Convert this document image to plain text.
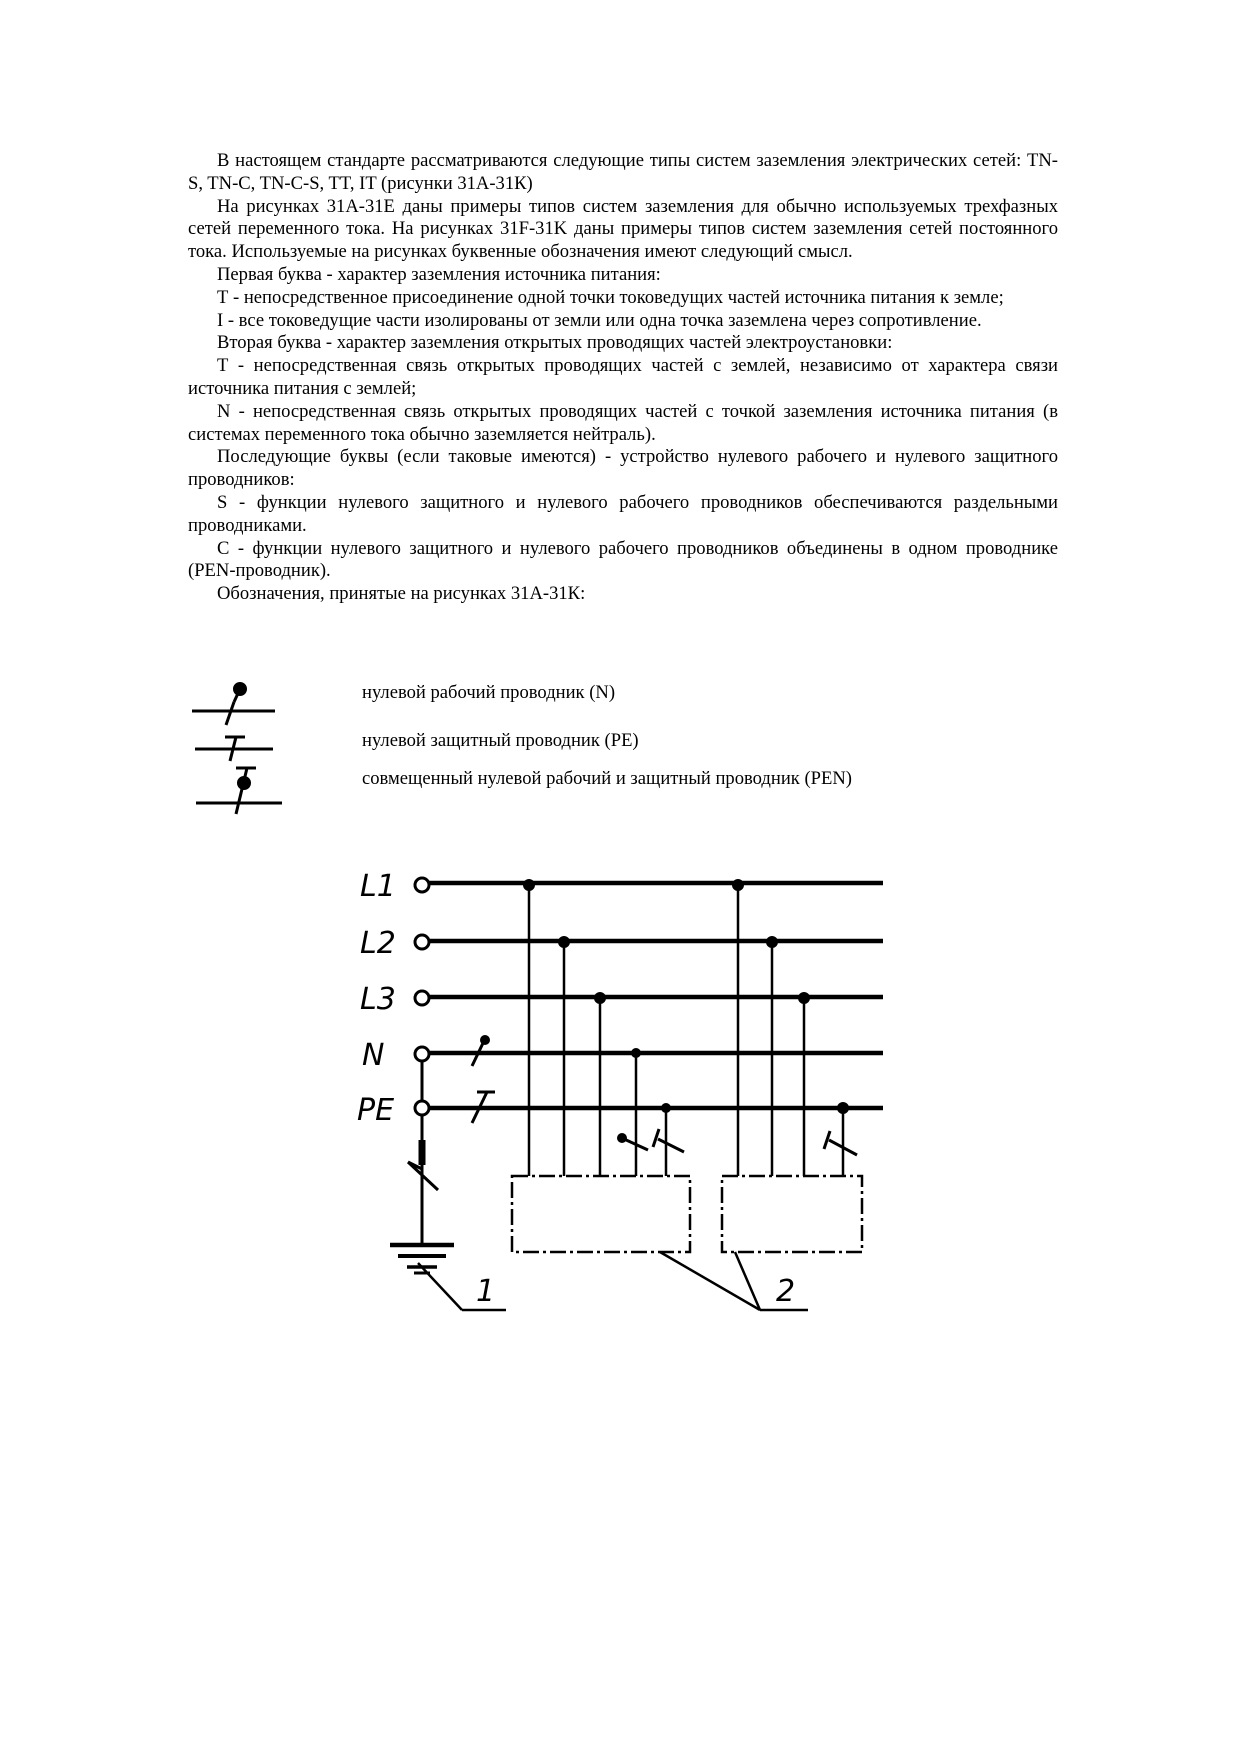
В настоящем стандарте рассматриваются следующие типы систем заземления электрических сетей: TN-S, TN-C, TN-C-S, TT, IT (рисунки 31А-31К)

На рисунках 31А-31Е даны примеры типов систем заземления для обычно используемых трехфазных сетей переменного тока. На рисунках 31F-31K даны примеры типов систем заземления сетей постоянного тока. Используемые на рисунках буквенные обозначения имеют следующий смысл.

Первая буква - характер заземления источника питания:

Т - непосредственное присоединение одной точки токоведущих частей источника питания к земле;

I - все токоведущие части изолированы от земли или одна точка заземлена через сопротивление.

Вторая буква - характер заземления открытых проводящих частей электроустановки:

Т - непосредственная связь открытых проводящих частей с землей, независимо от характера связи источника питания с землей;

N - непосредственная связь открытых проводящих частей с точкой заземления источника питания (в системах переменного тока обычно заземляется нейтраль).

Последующие буквы (если таковые имеются) - устройство нулевого рабочего и нулевого защитного проводников:

S - функции нулевого защитного и нулевого рабочего проводников обеспечиваются раздельными проводниками.

С - функции нулевого защитного и нулевого рабочего проводников объединены в одном проводнике (PEN-проводник).

Обозначения, принятые на рисунках 31А-31К:

нулевой рабочий проводник (N)
нулевой защитный проводник (РЕ)
совмещенный нулевой рабочий и защитный проводник (PEN)
L1
L2
L3
N
PE
1	2
